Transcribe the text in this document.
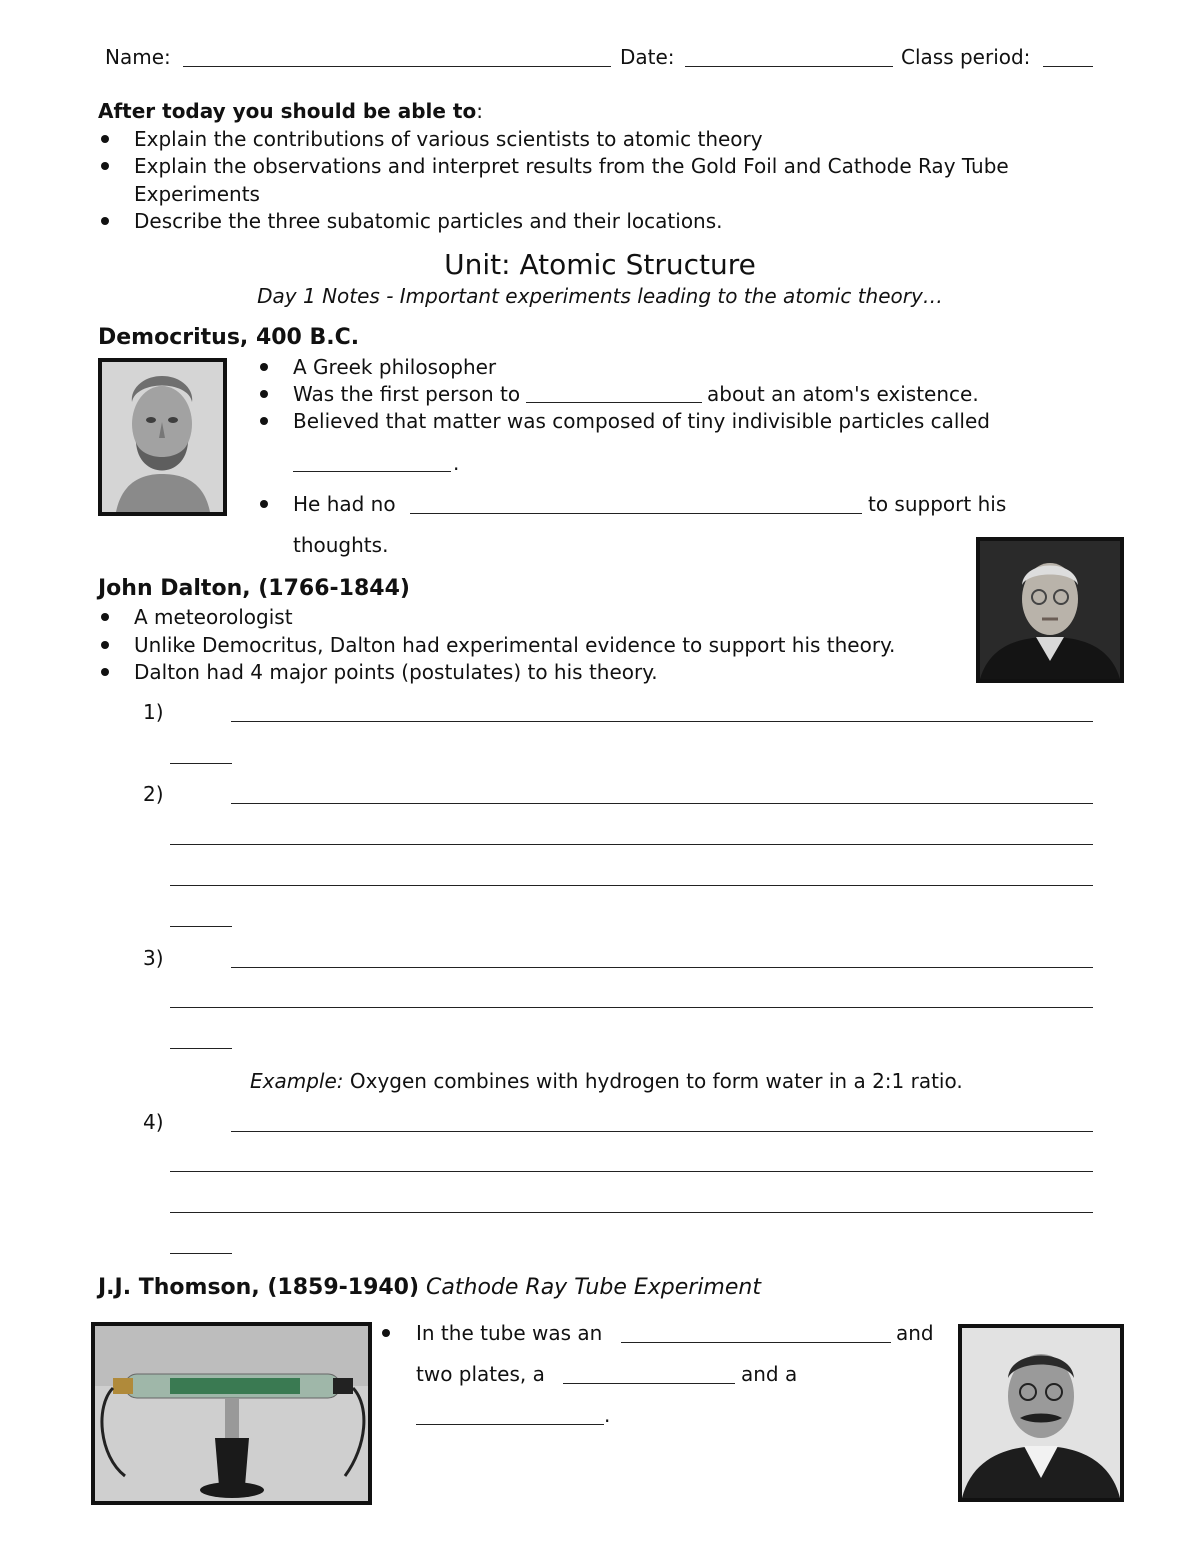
Name:	Date:	Class period:
After today you should be able to:
Explain the contributions of various scientists to atomic theory
Explain the observations and interpret results from the Gold Foil and Cathode Ray Tube
Experiments
Describe the three subatomic particles and their locations.
Unit: Atomic Structure
Day 1 Notes - Important experiments leading to the atomic theory…
Democritus, 400 B.C.
A Greek philosopher
Was the first person to	about an atom's existence.
Believed that matter was composed of tiny indivisible particles called
.
He had no	to support his
thoughts.
John Dalton, (1766-1844)
A meteorologist
Unlike Democritus, Dalton had experimental evidence to support his theory.
Dalton had 4 major points (postulates) to his theory.
1)
2)
3)
Example: Oxygen combines with hydrogen to form water in a 2:1 ratio.
4)
J.J. Thomson, (1859-1940) Cathode Ray Tube Experiment
In the tube was an	and
two plates, a	and a
.
